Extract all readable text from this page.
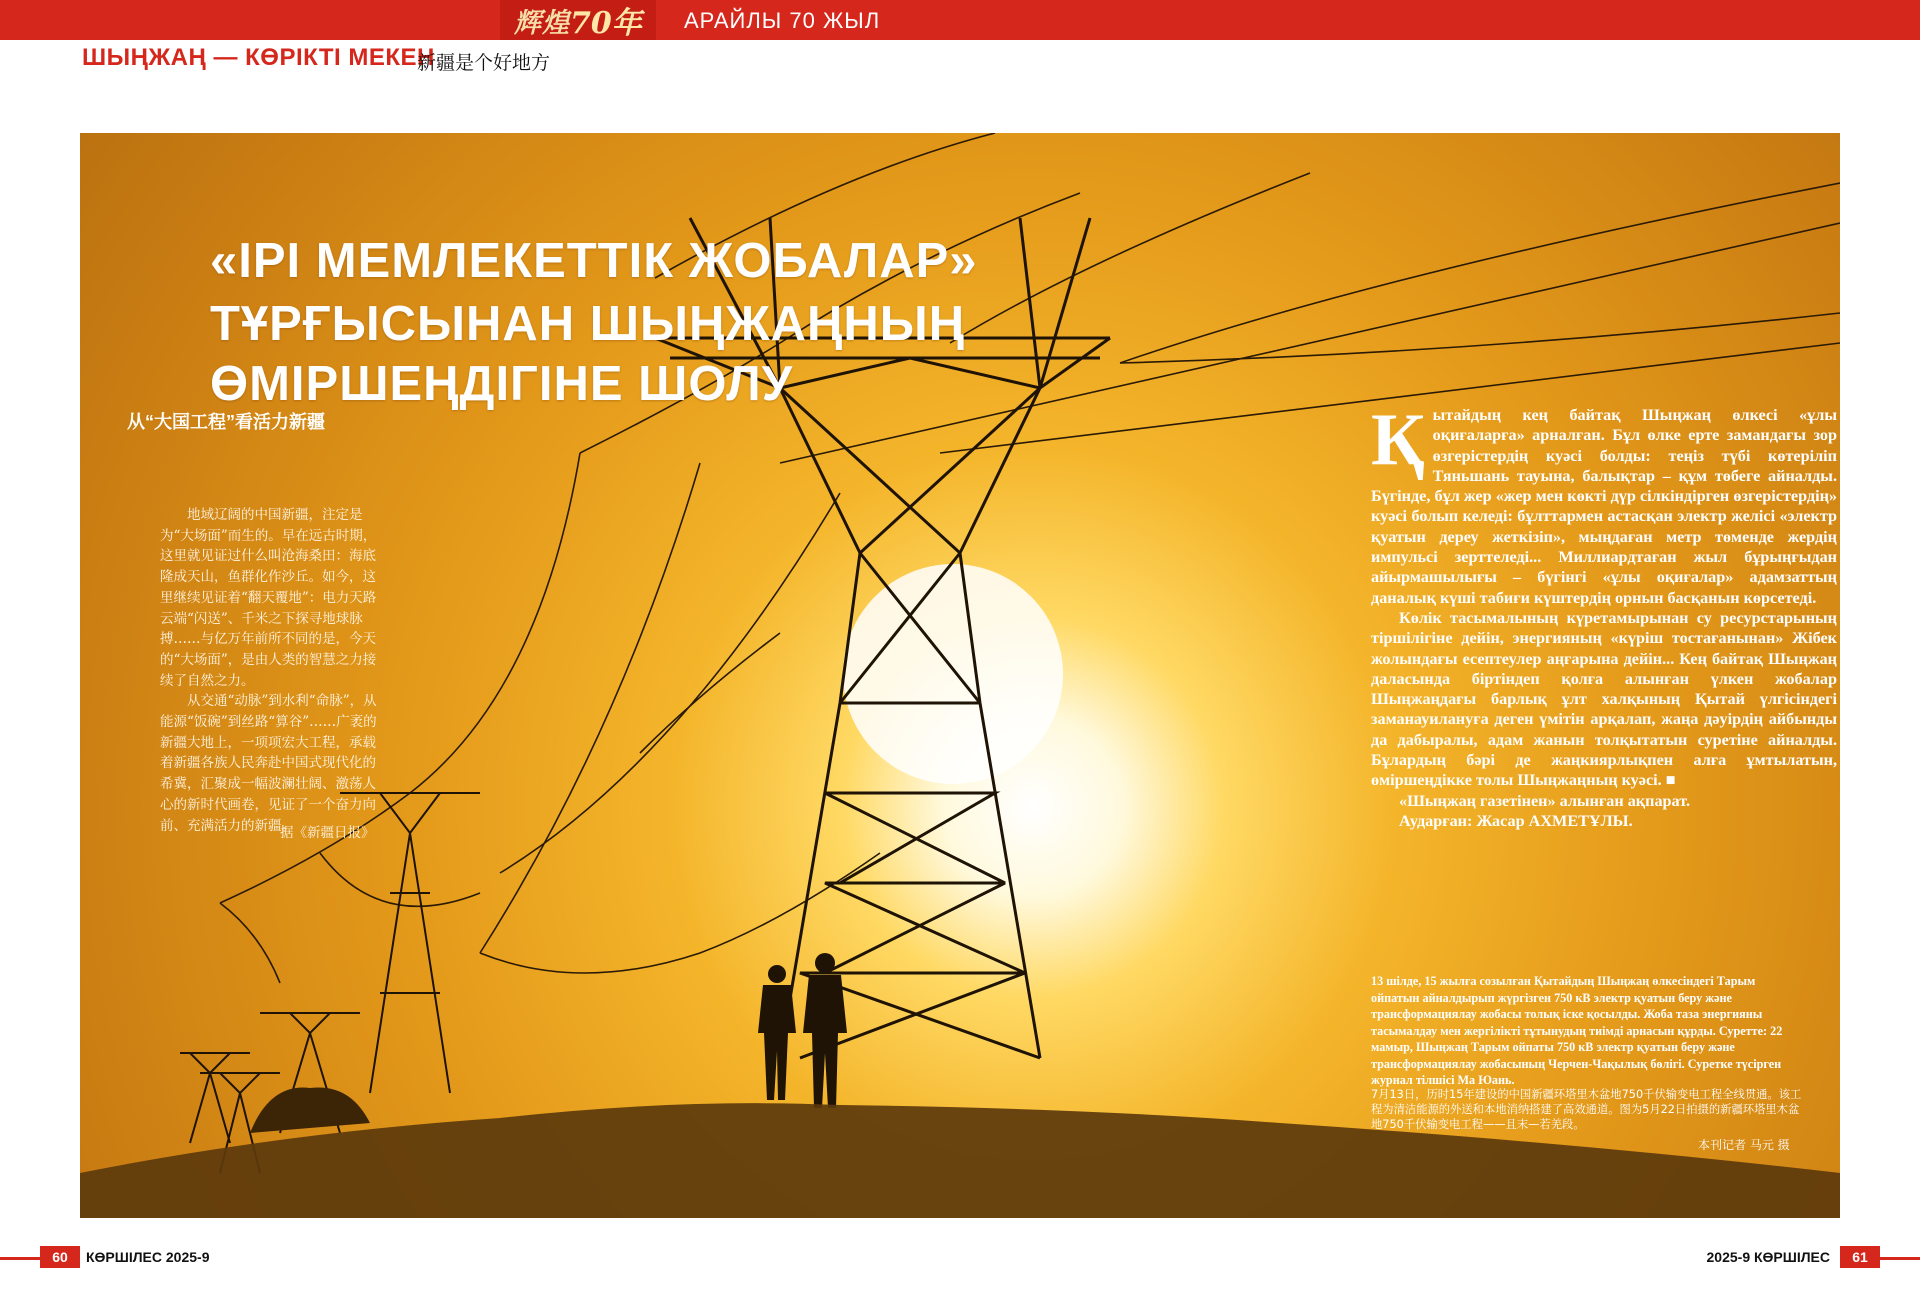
辉煌 70年 АРАЙЛЫ 70 ЖЫЛ
ШЫҢЖАҢ — КӨРІКТІ МЕКЕН
新疆是个好地方
«ІРІ МЕМЛЕКЕТТІК ЖОБАЛАР»
ТҰРҒЫСЫНАН ШЫҢЖАҢНЫҢ
ӨМІРШЕҢДІГІНЕ ШОЛУ
从“大国工程”看活力新疆

地域辽阔的中国新疆，注定是为“大场面”而生的。早在远古时期，这里就见证过什么叫沧海桑田：海底隆成天山，鱼群化作沙丘。如今，这里继续见证着“翻天覆地”：电力天路云端“闪送”、千米之下探寻地球脉搏……与亿万年前所不同的是，今天的“大场面”，是由人类的智慧之力接续了自然之力。

从交通“动脉”到水利“命脉”，从能源“饭碗”到丝路“算谷”……广袤的新疆大地上，一项项宏大工程，承载着新疆各族人民奔赴中国式现代化的希冀，汇聚成一幅波澜壮阔、激荡人心的新时代画卷，见证了一个奋力向前、充满活力的新疆。

据《新疆日报》

Қытайдың кең байтақ Шыңжаң өлкесі «ұлы оқиғаларға» арналған. Бұл өлке ерте замандағы зор өзгерістердің куәсі болды: теңіз түбі көтеріліп Тяньшань тауына, балықтар – құм төбеге айналды. Бүгінде, бұл жер «жер мен көкті дүр сілкіндірген өзгерістердің» куәсі болып келеді: бұлттармен астасқан электр желісі «электр қуатын дереу жеткізіп», мыңдаған метр төменде жердің импульсі зерттеледі... Миллиардтаған жыл бұрыңғыдан айырмашылығы – бүгінгі «ұлы оқиғалар» адамзаттың даналық күші табиғи күштердің орнын басқанын көрсетеді.

Көлік тасымалының күретамырынан су ресурстарының тіршілігіне дейін, энергияның «күріш тостағанынан» Жібек жолындағы есептеулер аңғарына дейін... Кең байтақ Шыңжаң даласында біртіндеп қолға алынған үлкен жобалар Шыңжаңдағы барлық ұлт халқының Қытай үлгісіндегі заманауилануға деген үмітін арқалап, жаңа дәуірдің айбынды да дабыралы, адам жанын толқытатын суретіне айналды. Бұлардың бәрі де жаңкиярлықпен алға ұмтылатын, өміршеңдікке толы Шыңжаңның куәсі. ■

«Шыңжаң газетінен» алынған ақпарат.

Аударған: Жасар АХМЕТҰЛЫ.

13 шілде, 15 жылға созылған Қытайдың Шыңжаң өлкесіндегі Тарым ойпатын айналдырып жүргізген 750 кВ электр қуатын беру және трансформациялау жобасы толық іске қосылды. Жоба таза энергияны тасымалдау мен жергілікті тұтынудың тиімді арнасын құрды. Суретте: 22 мамыр, Шыңжаң Тарым ойпаты 750 кВ электр қуатын беру және трансформациялау жобасының Черчен-Чақылық бөлігі. Суретке түсірген журнал тілшісі Ма Юань.
7月13日，历时15年建设的中国新疆环塔里木盆地750千伏输变电工程全线贯通。该工程为清洁能源的外送和本地消纳搭建了高效通道。图为5月22日拍摄的新疆环塔里木盆地750千伏输变电工程——且末—若羌段。
本刊记者 马元 摄
60	КӨРШІЛЕС 2025-9	2025-9 КӨРШІЛЕС	61
